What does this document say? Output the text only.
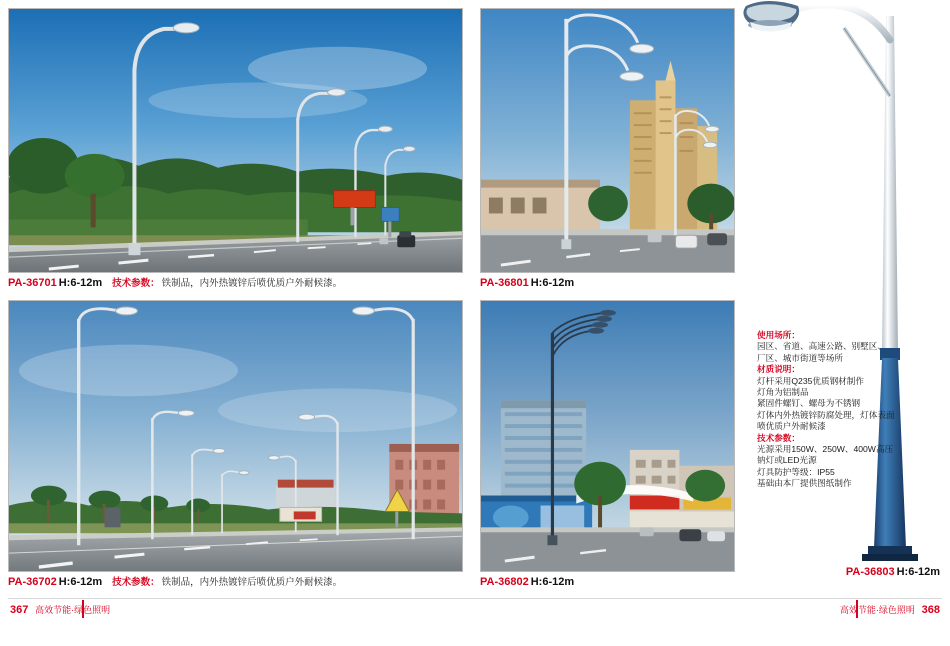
PA-36701 H:6-12m 技术参数： 铁制品，内外热镀锌后喷优质户外耐候漆。	PA-36801 H:6-12m
PA-36702 H:6-12m 技术参数： 铁制品，内外热镀锌后喷优质户外耐候漆。	PA-36802 H:6-12m
使用场所：
园区、省道、高速公路、别墅区、
厂区、城市街道等场所
材质说明：
灯杆采用Q235优质钢材制作
灯角为铝制品
紧固件螺钉、螺母为不锈钢
灯体内外热镀锌防腐处理，灯体表面
喷优质户外耐候漆
技术参数：
光源采用150W、250W、400W高压
钠灯或LED光源
灯具防护等级：IP55
基础由本厂提供图纸制作
PA-36803 H:6-12m
367 高效节能·绿色照明	高效节能·绿色照明 368
